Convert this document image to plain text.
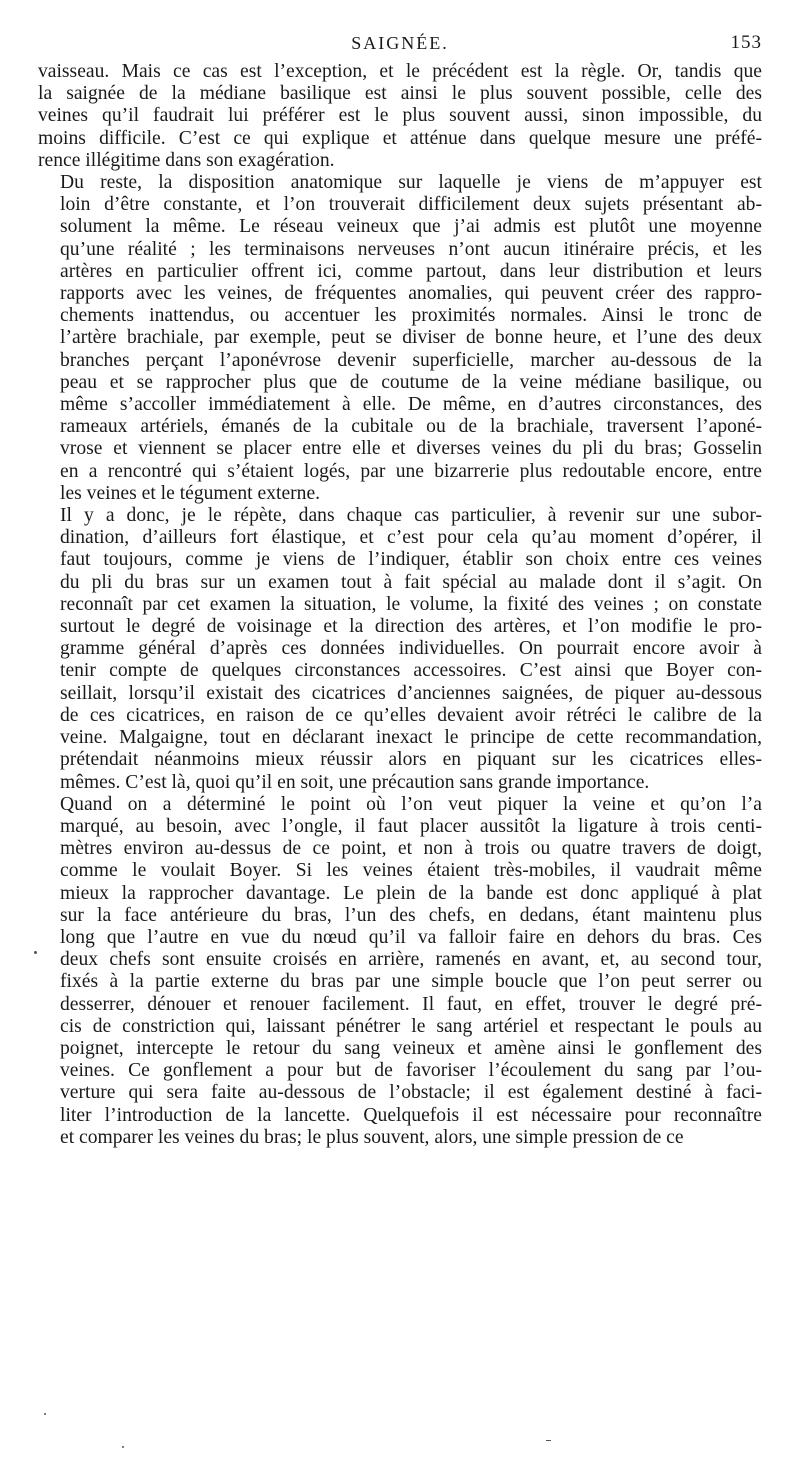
SAIGNÉE.	153
vaisseau. Mais ce cas est l’exception, et le précédent est la règle. Or, tandis que
la saignée de la médiane basilique est ainsi le plus souvent possible, celle des
veines qu’il faudrait lui préférer est le plus souvent aussi, sinon impossible, du
moins difficile. C’est ce qui explique et atténue dans quelque mesure une préfé-
rence illégitime dans son exagération.
Du reste, la disposition anatomique sur laquelle je viens de m’appuyer est
loin d’être constante, et l’on trouverait difficilement deux sujets présentant ab-
solument la même. Le réseau veineux que j’ai admis est plutôt une moyenne
qu’une réalité ; les terminaisons nerveuses n’ont aucun itinéraire précis, et les
artères en particulier offrent ici, comme partout, dans leur distribution et leurs
rapports avec les veines, de fréquentes anomalies, qui peuvent créer des rappro-
chements inattendus, ou accentuer les proximités normales. Ainsi le tronc de
l’artère brachiale, par exemple, peut se diviser de bonne heure, et l’une des deux
branches perçant l’aponévrose devenir superficielle, marcher au-dessous de la
peau et se rapprocher plus que de coutume de la veine médiane basilique, ou
même s’accoller immédiatement à elle. De même, en d’autres circonstances, des
rameaux artériels, émanés de la cubitale ou de la brachiale, traversent l’aponé-
vrose et viennent se placer entre elle et diverses veines du pli du bras; Gosselin
en a rencontré qui s’étaient logés, par une bizarrerie plus redoutable encore, entre
les veines et le tégument externe.
Il y a donc, je le répète, dans chaque cas particulier, à revenir sur une subor-
dination, d’ailleurs fort élastique, et c’est pour cela qu’au moment d’opérer, il
faut toujours, comme je viens de l’indiquer, établir son choix entre ces veines
du pli du bras sur un examen tout à fait spécial au malade dont il s’agit. On
reconnaît par cet examen la situation, le volume, la fixité des veines ; on constate
surtout le degré de voisinage et la direction des artères, et l’on modifie le pro-
gramme général d’après ces données individuelles. On pourrait encore avoir à
tenir compte de quelques circonstances accessoires. C’est ainsi que Boyer con-
seillait, lorsqu’il existait des cicatrices d’anciennes saignées, de piquer au-dessous
de ces cicatrices, en raison de ce qu’elles devaient avoir rétréci le calibre de la
veine. Malgaigne, tout en déclarant inexact le principe de cette recommandation,
prétendait néanmoins mieux réussir alors en piquant sur les cicatrices elles-
mêmes. C’est là, quoi qu’il en soit, une précaution sans grande importance.
Quand on a déterminé le point où l’on veut piquer la veine et qu’on l’a
marqué, au besoin, avec l’ongle, il faut placer aussitôt la ligature à trois centi-
mètres environ au-dessus de ce point, et non à trois ou quatre travers de doigt,
comme le voulait Boyer. Si les veines étaient très-mobiles, il vaudrait même
mieux la rapprocher davantage. Le plein de la bande est donc appliqué à plat
sur la face antérieure du bras, l’un des chefs, en dedans, étant maintenu plus
long que l’autre en vue du nœud qu’il va falloir faire en dehors du bras. Ces
deux chefs sont ensuite croisés en arrière, ramenés en avant, et, au second tour,
fixés à la partie externe du bras par une simple boucle que l’on peut serrer ou
desserrer, dénouer et renouer facilement. Il faut, en effet, trouver le degré pré-
cis de constriction qui, laissant pénétrer le sang artériel et respectant le pouls au
poignet, intercepte le retour du sang veineux et amène ainsi le gonflement des
veines. Ce gonflement a pour but de favoriser l’écoulement du sang par l’ou-
verture qui sera faite au-dessous de l’obstacle; il est également destiné à faci-
liter l’introduction de la lancette. Quelquefois il est nécessaire pour reconnaître
et comparer les veines du bras; le plus souvent, alors, une simple pression de ce
